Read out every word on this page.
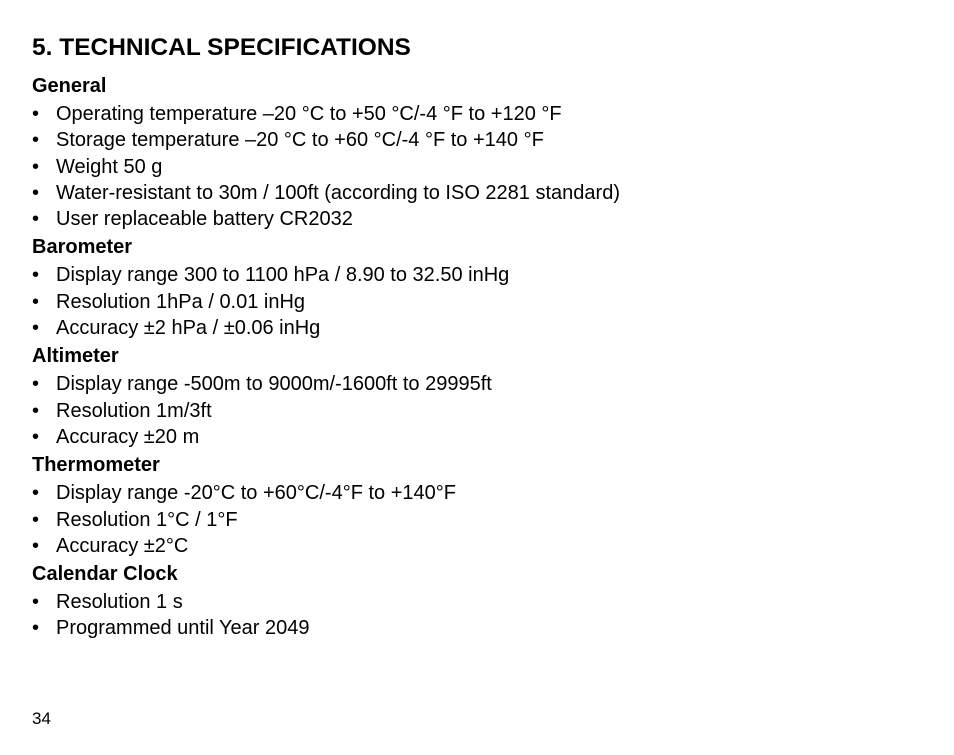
5. TECHNICAL SPECIFICATIONS
General
• Operating temperature –20 °C to +50 °C/-4 °F to +120 °F
• Storage temperature –20 °C to +60 °C/-4 °F to +140 °F
• Weight 50 g
• Water-resistant to 30m / 100ft (according to ISO 2281 standard)
• User replaceable battery CR2032
Barometer
• Display range 300 to 1100 hPa / 8.90 to 32.50 inHg
• Resolution 1hPa / 0.01 inHg
• Accuracy ±2 hPa / ±0.06 inHg
Altimeter
• Display range -500m to 9000m/-1600ft to 29995ft
• Resolution 1m/3ft
• Accuracy ±20 m
Thermometer
• Display range -20°C to +60°C/-4°F to +140°F
• Resolution 1°C / 1°F
• Accuracy ±2°C
Calendar Clock
• Resolution 1 s
• Programmed until Year 2049
34
